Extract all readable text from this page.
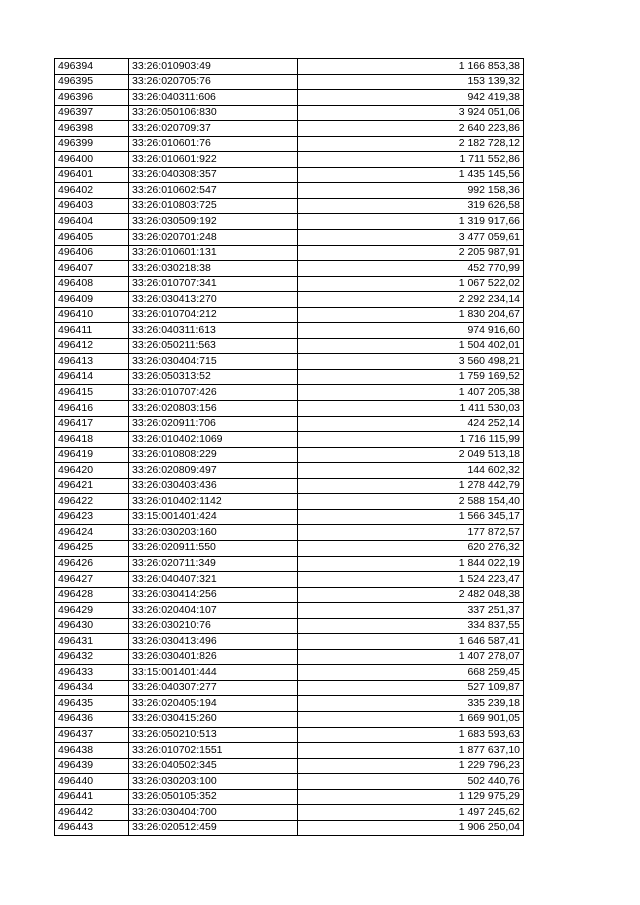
496394	33:26:010903:49	1 166 853,38
496395	33:26:020705:76	153 139,32
496396	33:26:040311:606	942 419,38
496397	33:26:050106:830	3 924 051,06
496398	33:26:020709:37	2 640 223,86
496399	33:26:010601:76	2 182 728,12
496400	33:26:010601:922	1 711 552,86
496401	33:26:040308:357	1 435 145,56
496402	33:26:010602:547	992 158,36
496403	33:26:010803:725	319 626,58
496404	33:26:030509:192	1 319 917,66
496405	33:26:020701:248	3 477 059,61
496406	33:26:010601:131	2 205 987,91
496407	33:26:030218:38	452 770,99
496408	33:26:010707:341	1 067 522,02
496409	33:26:030413:270	2 292 234,14
496410	33:26:010704:212	1 830 204,67
496411	33:26:040311:613	974 916,60
496412	33:26:050211:563	1 504 402,01
496413	33:26:030404:715	3 560 498,21
496414	33:26:050313:52	1 759 169,52
496415	33:26:010707:426	1 407 205,38
496416	33:26:020803:156	1 411 530,03
496417	33:26:020911:706	424 252,14
496418	33:26:010402:1069	1 716 115,99
496419	33:26:010808:229	2 049 513,18
496420	33:26:020809:497	144 602,32
496421	33:26:030403:436	1 278 442,79
496422	33:26:010402:1142	2 588 154,40
496423	33:15:001401:424	1 566 345,17
496424	33:26:030203:160	177 872,57
496425	33:26:020911:550	620 276,32
496426	33:26:020711:349	1 844 022,19
496427	33:26:040407:321	1 524 223,47
496428	33:26:030414:256	2 482 048,38
496429	33:26:020404:107	337 251,37
496430	33:26:030210:76	334 837,55
496431	33:26:030413:496	1 646 587,41
496432	33:26:030401:826	1 407 278,07
496433	33:15:001401:444	668 259,45
496434	33:26:040307:277	527 109,87
496435	33:26:020405:194	335 239,18
496436	33:26:030415:260	1 669 901,05
496437	33:26:050210:513	1 683 593,63
496438	33:26:010702:1551	1 877 637,10
496439	33:26:040502:345	1 229 796,23
496440	33:26:030203:100	502 440,76
496441	33:26:050105:352	1 129 975,29
496442	33:26:030404:700	1 497 245,62
496443	33:26:020512:459	1 906 250,04
